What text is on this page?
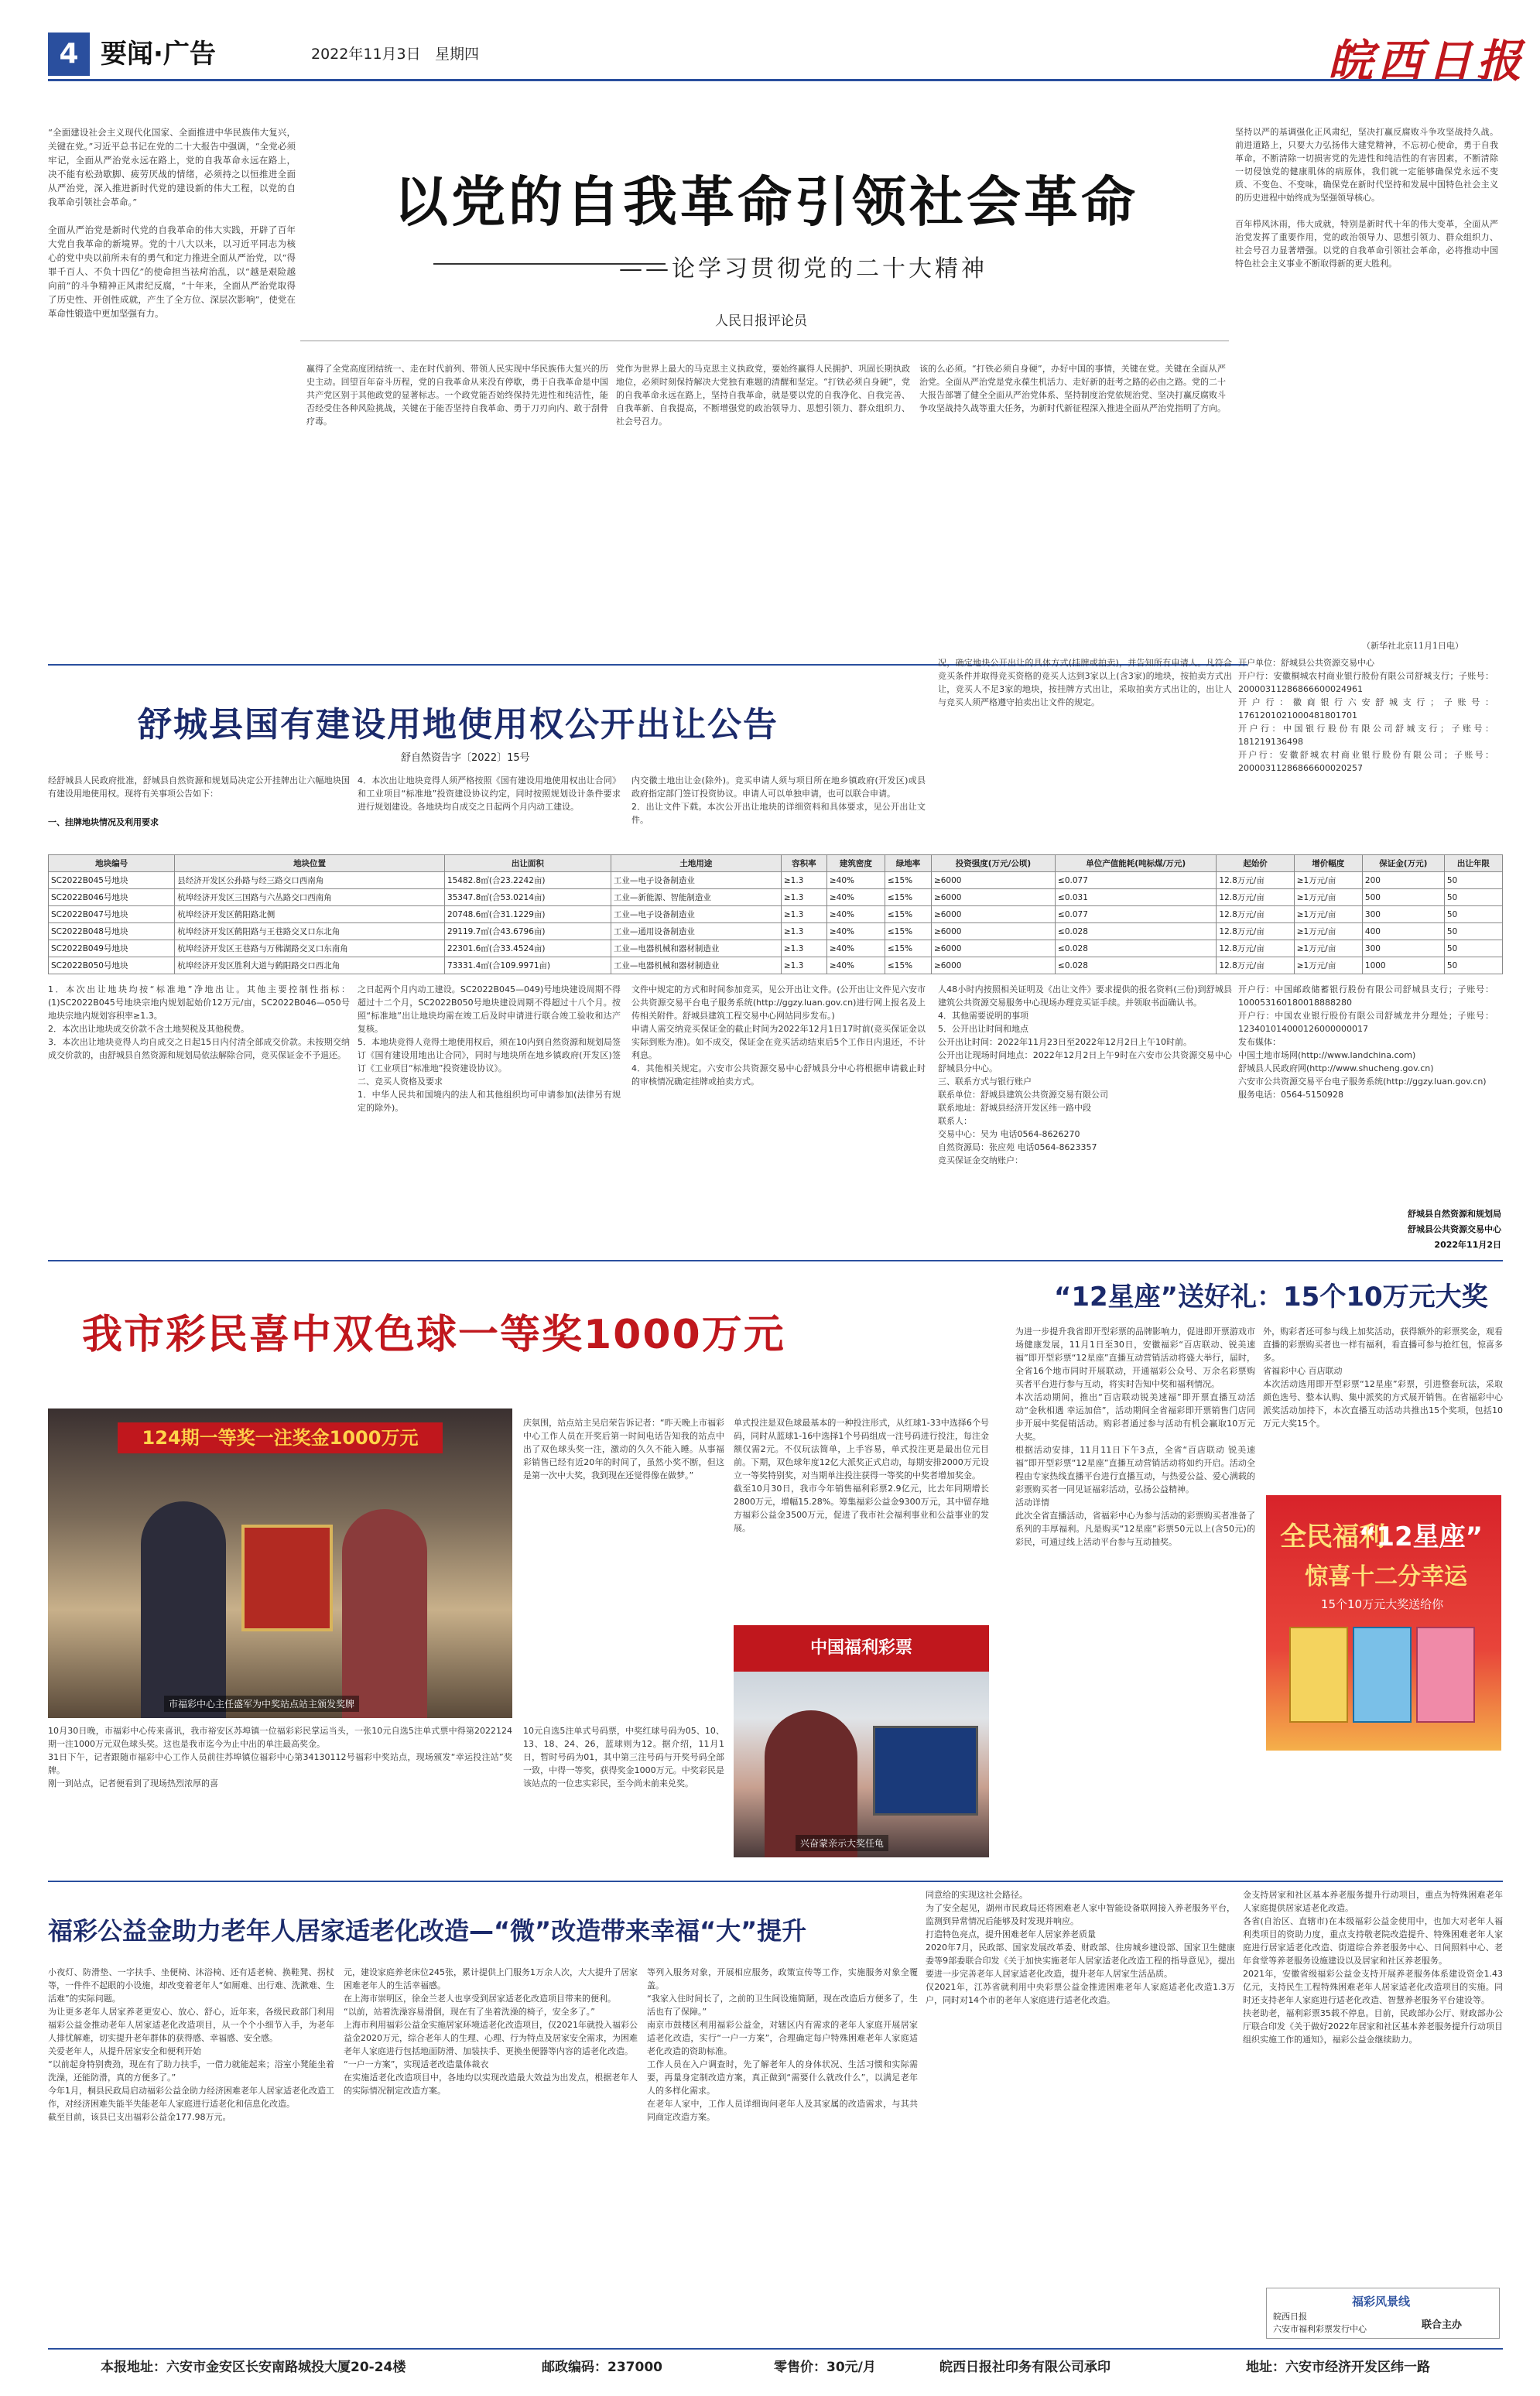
4 要闻·广告	2022年11月3日 星期四	皖西日报
“全面建设社会主义现代化国家、全面推进中华民族伟大复兴，关键在党。”习近平总书记在党的二十大报告中强调，“全党必须牢记，全面从严治党永远在路上，党的自我革命永远在路上，决不能有松劲歇脚、疲劳厌战的情绪，必须持之以恒推进全面从严治党，深入推进新时代党的建设新的伟大工程，以党的自我革命引领社会革命。”

全面从严治党是新时代党的自我革命的伟大实践，开辟了百年大党自我革命的新境界。党的十八大以来，以习近平同志为核心的党中央以前所未有的勇气和定力推进全面从严治党，以“得罪千百人、不负十四亿”的使命担当祛疴治乱，以“越是艰险越向前”的斗争精神正风肃纪反腐，“十年来，全面从严治党取得了历史性、开创性成就，产生了全方位、深层次影响”，使党在革命性锻造中更加坚强有力。
以党的自我革命引领社会革命
——论学习贯彻党的二十大精神
人民日报评论员
赢得了全党高度团结统一、走在时代前列、带领人民实现中华民族伟大复兴的历史主动。回望百年奋斗历程，党的自我革命从来没有停歇，勇于自我革命是中国共产党区别于其他政党的显著标志。一个政党能否始终保持先进性和纯洁性，能否经受住各种风险挑战，关键在于能否坚持自我革命、勇于刀刃向内、敢于刮骨疗毒。
党作为世界上最大的马克思主义执政党，要始终赢得人民拥护、巩固长期执政地位，必须时刻保持解决大党独有难题的清醒和坚定。“打铁必须自身硬”，党的自我革命永远在路上，坚持自我革命，就是要以党的自我净化、自我完善、自我革新、自我提高，不断增强党的政治领导力、思想引领力、群众组织力、社会号召力。
该的么必须。“打铁必须自身硬”，办好中国的事情，关键在党。关键在全面从严治党。全面从严治党是党永葆生机活力、走好新的赶考之路的必由之路。党的二十大报告部署了健全全面从严治党体系、坚持制度治党依规治党、坚决打赢反腐败斗争攻坚战持久战等重大任务，为新时代新征程深入推进全面从严治党指明了方向。
坚持以严的基调强化正风肃纪，坚决打赢反腐败斗争攻坚战持久战。前进道路上，只要大力弘扬伟大建党精神，不忘初心使命，勇于自我革命，不断清除一切损害党的先进性和纯洁性的有害因素，不断清除一切侵蚀党的健康肌体的病原体，我们就一定能够确保党永远不变质、不变色、不变味，确保党在新时代坚持和发展中国特色社会主义的历史进程中始终成为坚强领导核心。

百年栉风沐雨，伟大成就，特别是新时代十年的伟大变革，全面从严治党发挥了重要作用，党的政治领导力、思想引领力、群众组织力、社会号召力显著增强。以党的自我革命引领社会革命，必将推动中国特色社会主义事业不断取得新的更大胜利。
（新华社北京11月1日电）
舒城县国有建设用地使用权公开出让公告
舒自然资告字〔2022〕15号
经舒城县人民政府批准，舒城县自然资源和规划局决定公开挂牌出让六幅地块国有建设用地使用权。现将有关事项公告如下：
一、挂牌地块情况及利用要求
4．本次出让地块竞得人须严格按照《国有建设用地使用权出让合同》和工业项目“标准地”投资建设协议约定，同时按照规划设计条件要求进行规划建设。各地块均自成交之日起两个月内动工建设。
内交徽土地出让金(除外)。竞买申请人须与项目所在地乡镇政府(开发区)或县政府指定部门签订投资协议。申请人可以单独申请，也可以联合申请。
2．出让文件下载。本次公开出让地块的详细资料和具体要求，见公开出让文件。
况，确定地块公开出让的具体方式(挂牌或拍卖)，并告知所有申请人。凡符合竞买条件并取得竞买资格的竞买人达到3家以上(含3家)的地块，按拍卖方式出让，竞买人不足3家的地块，按挂牌方式出让，采取拍卖方式出让的，出让人与竞买人须严格遵守拍卖出让文件的规定。
开户单位：舒城县公共资源交易中心
开户行：安徽桐城农村商业银行股份有限公司舒城支行；子账号：20000311286866600024961
开户行：徽商银行六安舒城支行；子账号：1761201021000481801701
开户行：中国银行股份有限公司舒城支行；子账号：181219136498
开户行：安徽舒城农村商业银行股份有限公司；子账号：20000311286866600020257
地块编号	地块位置	出让面积	土地用途	容积率	建筑密度	绿地率	投资强度(万元/公顷)	单位产值能耗(吨标煤/万元)	起始价	增价幅度	保证金(万元)	出让年限
SC2022B045号地块	县经济开发区公孙路与经三路交口西南角	15482.8㎡(合23.2242亩)	工业—电子设备制造业	≥1.3	≥40%	≤15%	≥6000	≤0.077	12.8万元/亩	≥1万元/亩	200	50
SC2022B046号地块	杭埠经济开发区三国路与六丛路交口西南角	35347.8㎡(合53.0214亩)	工业—新能源、智能制造业	≥1.3	≥40%	≤15%	≥6000	≤0.031	12.8万元/亩	≥1万元/亩	500	50
SC2022B047号地块	杭埠经济开发区鹤阳路北侧	20748.6㎡(合31.1229亩)	工业—电子设备制造业	≥1.3	≥40%	≤15%	≥6000	≤0.077	12.8万元/亩	≥1万元/亩	300	50
SC2022B048号地块	杭埠经济开发区鹤阳路与王巷路交叉口东北角	29119.7㎡(合43.6796亩)	工业—通用设备制造业	≥1.3	≥40%	≤15%	≥6000	≤0.028	12.8万元/亩	≥1万元/亩	400	50
SC2022B049号地块	杭埠经济开发区王巷路与万佛湖路交叉口东南角	22301.6㎡(合33.4524亩)	工业—电器机械和器材制造业	≥1.3	≥40%	≤15%	≥6000	≤0.028	12.8万元/亩	≥1万元/亩	300	50
SC2022B050号地块	杭埠经济开发区胜利大道与鹤阳路交口西北角	73331.4㎡(合109.9971亩)	工业—电器机械和器材制造业	≥1.3	≥40%	≤15%	≥6000	≤0.028	12.8万元/亩	≥1万元/亩	1000	50
1．本次出让地块均按“标准地”净地出让。其他主要控制性指标：(1)SC2022B045号地块宗地内规划起始价12万元/亩，SC2022B046—050号地块宗地内规划容积率≥1.3。
2．本次出让地块成交价款不含土地契税及其他税费。
3．本次出让地块竞得人均自成交之日起15日内付清全部成交价款。未按期交纳成交价款的，由舒城县自然资源和规划局依法解除合同，竞买保证金不予退还。
之日起两个月内动工建设。SC2022B045—049)号地块建设周期不得超过十二个月，SC2022B050号地块建设周期不得超过十八个月。按照“标准地”出让地块均需在竣工后及时申请进行联合竣工验收和达产复核。
5．本地块竞得人竞得土地使用权后，须在10内到自然资源和规划局签订《国有建设用地出让合同》，同时与地块所在地乡镇政府(开发区)签订《工业项目“标准地”投资建设协议》。
二、竞买人资格及要求
1．中华人民共和国境内的法人和其他组织均可申请参加(法律另有规定的除外)。
文件中规定的方式和时间参加竞买，见公开出让文件。(公开出让文件见六安市公共资源交易平台电子服务系统(http://ggzy.luan.gov.cn)进行网上报名及上传相关附件。舒城县建筑工程交易中心网站同步发布。)
申请人需交纳竞买保证金的截止时间为2022年12月1日17时前(竞买保证金以实际到账为准)。如不成交，保证金在竞买活动结束后5个工作日内退还，不计利息。
4．其他相关规定。六安市公共资源交易中心舒城县分中心将根据申请截止时的审核情况确定挂牌或拍卖方式。
人48小时内按照相关证明及《出让文件》要求提供的报名资料(三份)到舒城县建筑公共资源交易服务中心现场办理竞买证手续。并领取书面确认书。
4．其他需要说明的事项
5．公开出让时间和地点
公开出让时间：2022年11月23日至2022年12月2日上午10时前。
公开出让现场时间地点：2022年12月2日上午9时在六安市公共资源交易中心舒城县分中心。
三、联系方式与银行账户
联系单位：舒城县建筑公共资源交易有限公司
联系地址：舒城县经济开发区纬一路中段
联系人：
交易中心：吴为 电话0564-8626270
自然资源局：张应苑 电话0564-8623357
竞买保证金交纳账户：
开户行：中国邮政储蓄银行股份有限公司舒城县支行；子账号：100053160180018888280
开户行：中国农业银行股份有限公司舒城龙井分理处；子账号：123401014000126000000017
发布媒体：
中国土地市场网(http://www.landchina.com)
舒城县人民政府网(http://www.shucheng.gov.cn)
六安市公共资源交易平台电子服务系统(http://ggzy.luan.gov.cn)
服务电话：0564-5150928
舒城县自然资源和规划局
舒城县公共资源交易中心
2022年11月2日
我市彩民喜中双色球一等奖1000万元
124期一等奖一注奖金1000万元
市福彩中心主任盛军为中奖站点站主颁发奖牌
庆氛围，站点站主吴启荣告诉记者：“昨天晚上市福彩中心工作人员在开奖后第一时间电话告知我的站点中出了双色球头奖一注，激动的久久不能入睡。从事福彩销售已经有近20年的时间了，虽然小奖不断，但这是第一次中大奖，我到现在还觉得像在做梦。”
单式投注是双色球最基本的一种投注形式，从红球1-33中选择6个号码，同时从蓝球1-16中选择1个号码组成一注号码进行投注，每注金额仅需2元。不仅玩法简单，上手容易，单式投注更是最出位元目前。下期，双色球年度12亿大派奖正式启动，每期安排2000万元设立一等奖特别奖，对当期单注投注获得一等奖的中奖者增加奖金。
截至10月30日，我市今年销售福利彩票2.9亿元，比去年同期增长2800万元，增幅15.28%。筹集福彩公益金9300万元，其中留存地方福彩公益金3500万元，促进了我市社会福利事业和公益事业的发展。
中国福利彩票
兴奋蒙亲示大奖任龟
10月30日晚，市福彩中心传来喜讯，我市裕安区苏埠镇一位福彩彩民掌运当头，一张10元自选5注单式票中得第2022124期一注1000万元双色球头奖。这也是我市迄今为止中出的单注最高奖金。
31日下午，记者跟随市福彩中心工作人员前往苏埠镇位福彩中心第34130112号福彩中奖站点，现场颁发“幸运投注站”奖牌。
刚一到站点，记者便看到了现场热烈浓厚的喜
10元自选5注单式号码票，中奖红球号码为05、10、13、18、24、26，蓝球则为12。据介绍，11月1日，暂时号码为01，其中第三注号码与开奖号码全部一致，中得一等奖，获得奖金1000万元。中奖彩民是该站点的一位忠实彩民，至今尚未前来兑奖。
“12星座”送好礼：15个10万元大奖
为进一步提升我省即开型彩票的品牌影响力，促进即开票游戏市场健康发展，11月1日至30日，安徽福彩“百店联动、锐美速福”即开型彩票“12星座”直播互动营销活动将盛大举行，届时，全省16个地市同时开展联动，开通福彩公众号、万余名彩票购买者平台进行参与互动，将实时告知中奖和福利情况。
本次活动期间，推出“百店联动锐美速福”即开票直播互动活动“金秋相遇 幸运加倍”，活动期间全省福彩即开票销售门店同步开展中奖促销活动。购彩者通过参与活动有机会赢取10万元大奖。
根据活动安排，11月11日下午3点，全省“百店联动 锐美速福”即开型彩票“12星座”直播互动营销活动将如约开启。活动全程由专家热线直播平台进行直播互动，与热爱公益、爱心满载的彩票购买者一同见证福彩活动，弘扬公益精神。
活动详情
此次全省直播活动，省福彩中心为参与活动的彩票购买者准备了系列的丰厚福利。凡是购买“12星座”彩票50元以上(含50元)的彩民，可通过线上活动平台参与互动抽奖。
外，购彩者还可参与线上加奖活动，获得额外的彩票奖金，观看直播的彩票购买者也一样有福利，看直播可参与抢红包，惊喜多多。
省福彩中心 百店联动
本次活动选用即开型彩票“12星座”彩票，引进整套玩法，采取颜色选号、整本认购、集中派奖的方式展开销售。在省福彩中心派奖活动加持下，本次直播互动活动共推出15个奖项，包括10万元大奖15个。
全民福利
“12星座”
惊喜十二分幸运
15个10万元大奖送给你
福彩公益金助力老年人居家适老化改造—“微”改造带来幸福“大”提升
小夜灯、防滑垫、一字扶手、坐便椅、沐浴椅、还有适老椅、换鞋凳、拐杖等，一件件不起眼的小设施，却改变着老年人“如厕难、出行难、洗漱难、生活难”的实际问题。
为让更多老年人居家养老更安心、放心、舒心，近年来，各级民政部门利用福彩公益金推动老年人居家适老化改造项目，从一个个小细节入手，为老年人排忧解难，切实提升老年群体的获得感、幸福感、安全感。
关爱老年人，从提升居家安全和便利开始
“以前起身特别费劲，现在有了助力扶手，一借力就能起来；浴室小凳能坐着洗澡，还能防滑，真的方便多了。”
今年1月，桐县民政局启动福彩公益金助力经济困难老年人居家适老化改造工作，对经济困难失能半失能老年人家庭进行适老化和信息化改造。
截至目前，该县已支出福彩公益金177.98万元。
元，建设家庭养老床位245张，累计提供上门服务1万余人次，大大提升了居家困难老年人的生活幸福感。
在上海市崇明区，徐金兰老人也享受到居家适老化改造项目带来的便利。
“以前，站着洗澡容易滑倒，现在有了坐着洗澡的椅子，安全多了。”
上海市利用福彩公益金实施居家环境适老化改造项目，仅2021年就投入福彩公益金2020万元，综合老年人的生理、心理、行为特点及居家安全需求，为困难老年人家庭进行包括地面防滑、加装扶手、更换坐便器等内容的适老化改造。
“一户一方案”，实现适老改造量体裁衣
在实施适老化改造项目中，各地均以实现改造最大效益为出发点，根据老年人的实际情况制定改造方案。
等列入服务对象，开展相应服务，政策宣传等工作，实施服务对象全覆盖。
“我家入住时间长了，之前的卫生间设施简陋，现在改造后方便多了，生活也有了保障。”
南京市鼓楼区利用福彩公益金，对辖区内有需求的老年人家庭开展居家适老化改造，实行“一户一方案”，合理确定每户特殊困难老年人家庭适老化改造的资助标准。
工作人员在入户调查时，先了解老年人的身体状况、生活习惯和实际需要，再量身定制改造方案，真正做到“需要什么就改什么”，以满足老年人的多样化需求。
在老年人家中，工作人员详细询问老年人及其家属的改造需求，与其共同商定改造方案。
同意给的实现这社会路径。
为了安全起见，湖州市民政局还将困难老人家中智能设备联网接入养老服务平台，监测到异常情况后能够及时发现并响应。
打造特色亮点，提升困难老年人居家养老质量
2020年7月，民政部、国家发展改革委、财政部、住房城乡建设部、国家卫生健康委等9部委联合印发《关于加快实施老年人居家适老化改造工程的指导意见》，提出要进一步完善老年人居家适老化改造，提升老年人居家生活品质。
仅2021年，江苏省就利用中央彩票公益金推进困难老年人家庭适老化改造1.3万户，同时对14个市的老年人家庭进行适老化改造。
金支持居家和社区基本养老服务提升行动项目，重点为特殊困难老年人家庭提供居家适老化改造。
各省(自治区、直辖市)在本级福彩公益金使用中，也加大对老年人福利类项目的资助力度，重点支持敬老院改造提升、特殊困难老年人家庭进行居家适老化改造、街道综合养老服务中心、日间照料中心、老年食堂等养老服务设施建设以及居家和社区养老服务。
2021年，安徽省级福彩公益金支持开展养老服务体系建设资金1.43亿元，支持民生工程特殊困难老年人居家适老化改造项目的实施。同时还支持老年人家庭进行适老化改造、智慧养老服务平台建设等。
扶老助老，福利彩票35载不停息。目前，民政部办公厅、财政部办公厅联合印发《关于做好2022年居家和社区基本养老服务提升行动项目组织实施工作的通知》，福彩公益金继续助力。
福彩风景线
皖西日报
六安市福利彩票发行中心	联合主办
本报地址：六安市金安区长安南路城投大厦20-24楼	邮政编码：237000	零售价：30元/月	皖西日报社印务有限公司承印	地址：六安市经济开发区纬一路
